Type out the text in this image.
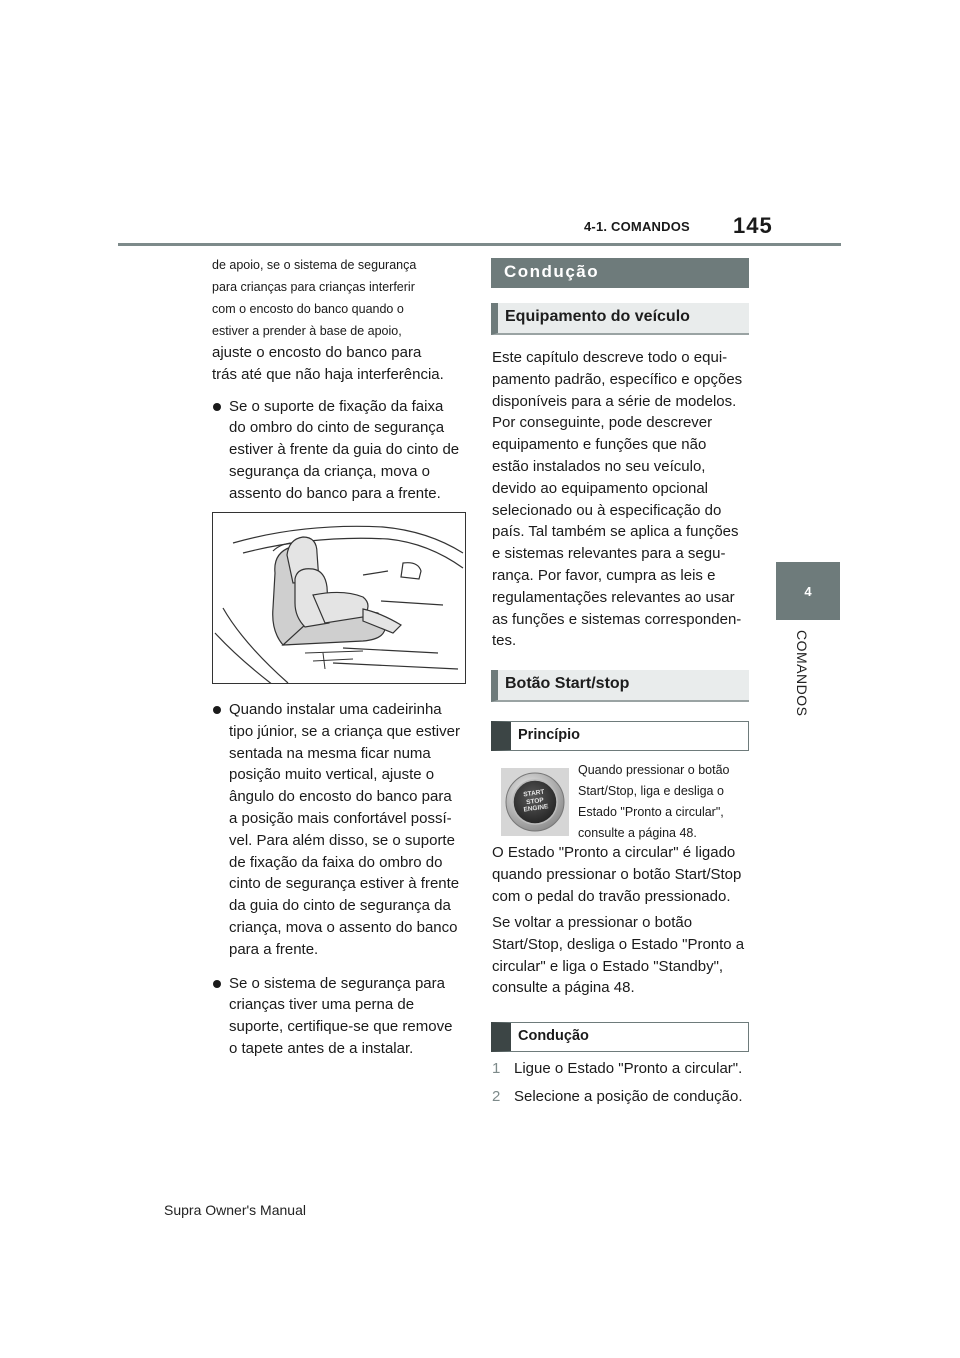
4-1. COMANDOS 145
4
COMANDOS

de apoio, se o sistema de segurança
para crianças para crianças interferir
com o encosto do banco quando o
estiver a prender à base de apoio,

ajuste o encosto do banco para
trás até que não haja interferência.

Se o suporte de fixação da faixa
do ombro do cinto de segurança
estiver à frente da guia do cinto de
segurança da criança, mova o
assento do banco para a frente.
Quando instalar uma cadeirinha
tipo júnior, se a criança que estiver
sentada na mesma ficar numa
posição muito vertical, ajuste o
ângulo do encosto do banco para
a posição mais confortável possí-
vel. Para além disso, se o suporte
de fixação da faixa do ombro do
cinto de segurança estiver à frente
da guia do cinto de segurança da
criança, mova o assento do banco
para a frente.
Se o sistema de segurança para
crianças tiver uma perna de
suporte, certifique-se que remove
o tapete antes de a instalar.
Condução
Equipamento do veículo

Este capítulo descreve todo o equi-
pamento padrão, específico e opções
disponíveis para a série de modelos.
Por conseguinte, pode descrever
equipamento e funções que não
estão instalados no seu veículo,
devido ao equipamento opcional
selecionado ou à especificação do
país. Tal também se aplica a funções
e sistemas relevantes para a segu-
rança. Por favor, cumpra as leis e
regulamentações relevantes ao usar
as funções e sistemas corresponden-
tes.

Botão Start/stop
Princípio
START
STOP
ENGINE

Quando pressionar o botão
Start/Stop, liga e desliga o
Estado "Pronto a circular",
consulte a página 48.

O Estado "Pronto a circular" é ligado
quando pressionar o botão Start/Stop
com o pedal do travão pressionado.

Se voltar a pressionar o botão
Start/Stop, desliga o Estado "Pronto a
circular" e liga o Estado "Standby",
consulte a página 48.

Condução
1 Ligue o Estado "Pronto a circular".
2 Selecione a posição de condução.
Supra Owner's Manual
